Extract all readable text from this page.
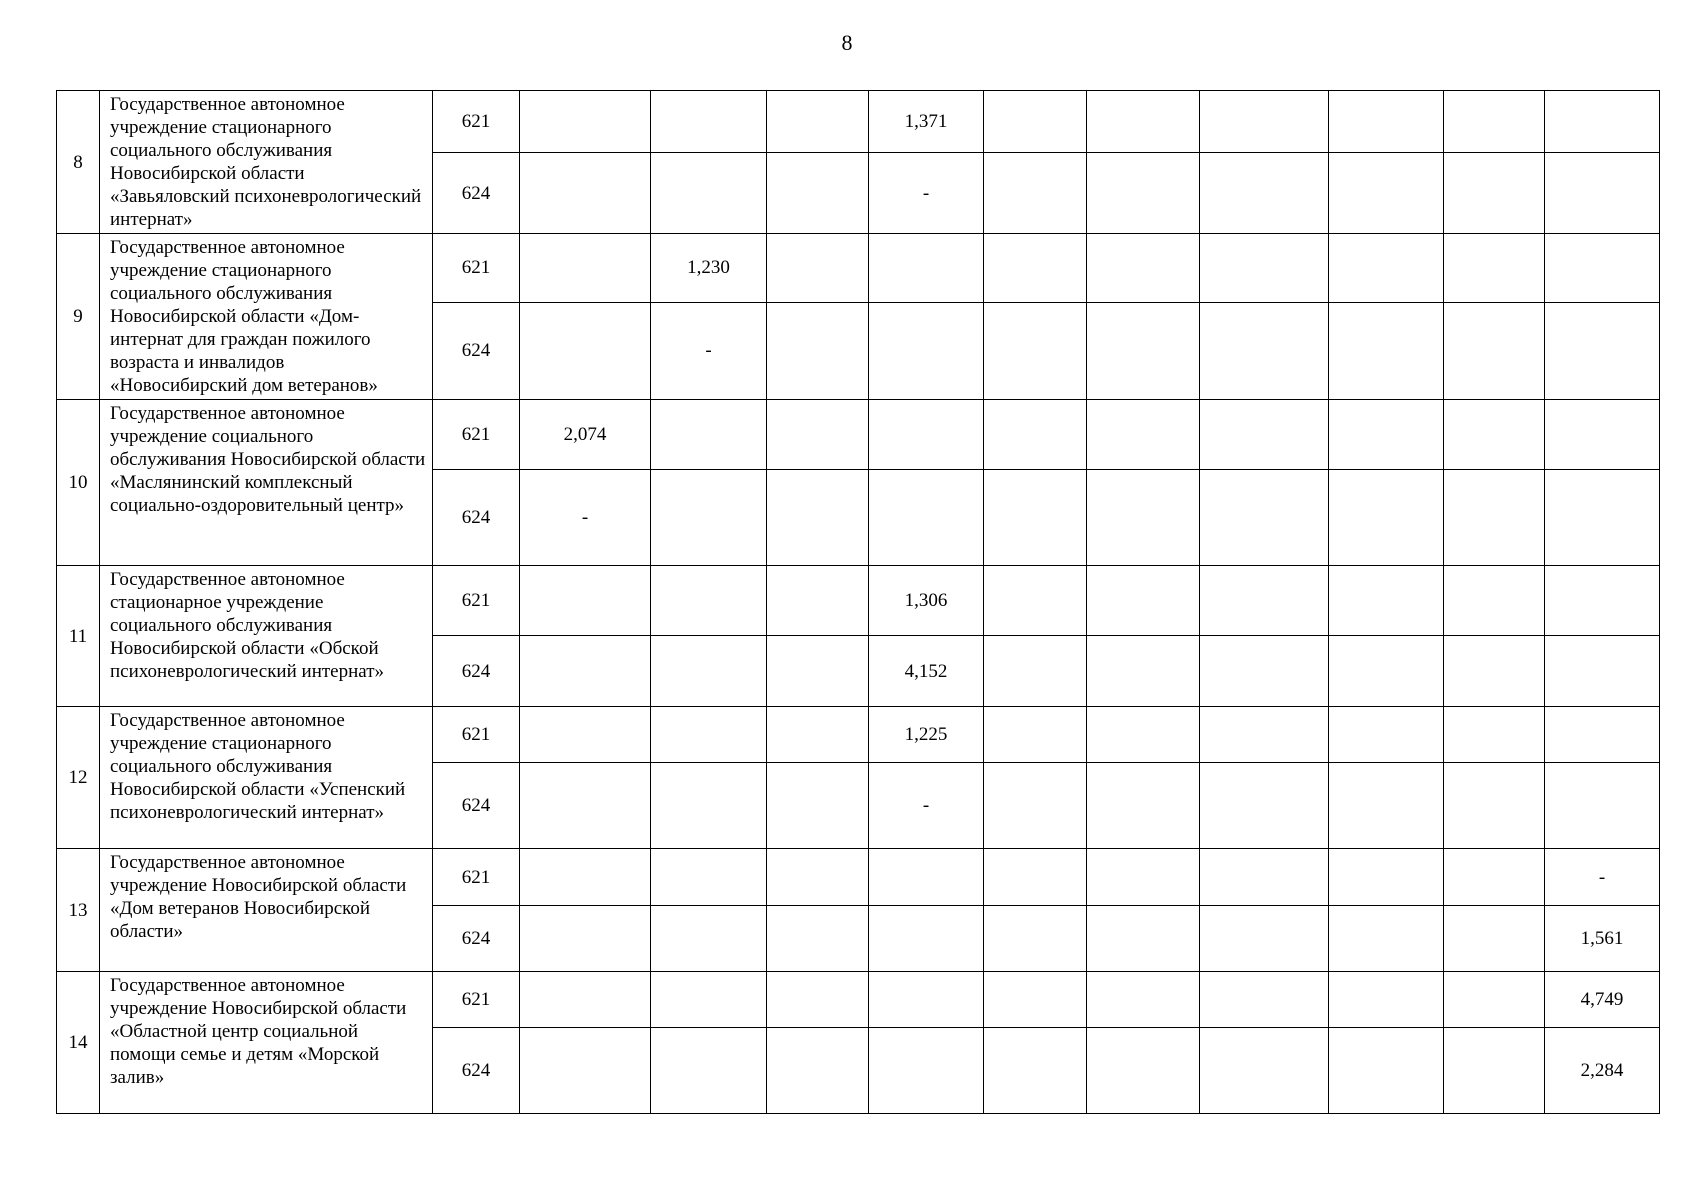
8
8	Государственное автономное учреждение стационарного социального обслуживания Новосибирской области «Завьяловский психоневрологический интернат»	621				1,371						
		624				-						
9	Государственное автономное учреждение стационарного социального обслуживания Новосибирской области «Дом-интернат для граждан пожилого возраста и инвалидов «Новосибирский дом ветеранов»	621		1,230								
		624		-								
10	Государственное автономное учреждение социального обслуживания Новосибирской области «Маслянинский комплексный социально-оздоровительный центр»	621	2,074									
		624	-									
11	Государственное автономное стационарное учреждение социального обслуживания Новосибирской области «Обской психоневрологический интернат»	621				1,306						
		624				4,152						
12	Государственное автономное учреждение стационарного социального обслуживания Новосибирской области «Успенский психоневрологический интернат»	621				1,225						
		624				-						
13	Государственное автономное учреждение Новосибирской области «Дом ветеранов Новосибирской области»	621										-
		624										1,561
14	Государственное автономное учреждение Новосибирской области «Областной центр социальной помощи семье и детям «Морской залив»	621										4,749
		624										2,284
